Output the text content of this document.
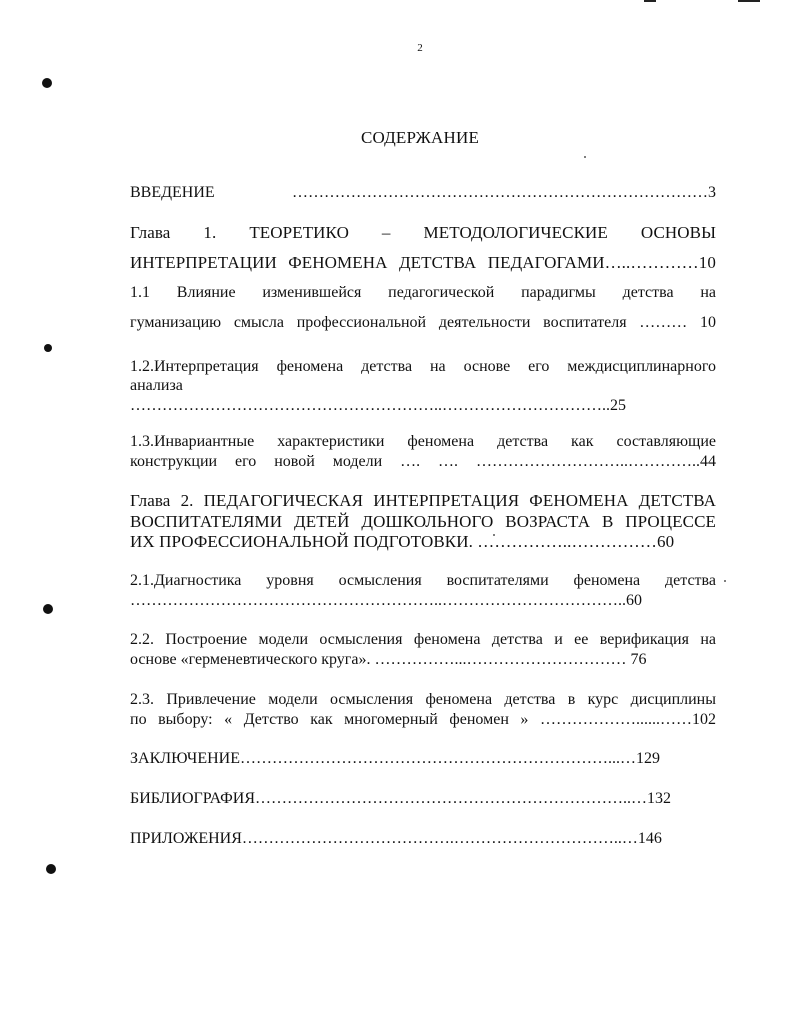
2
СОДЕРЖАНИЕ
ВВЕДЕНИЕ ……………………………………………………………………3
Глава 1. ТЕОРЕТИКО – МЕТОДОЛОГИЧЕСКИЕ ОСНОВЫ
ИНТЕРПРЕТАЦИИ ФЕНОМЕНА ДЕТСТВА ПЕДАГОГАМИ…..…………10
1.1 Влияние изменившейся педагогической парадигмы детства на
гуманизацию смысла профессиональной деятельности воспитателя ……… 10
1.2.Интерпретация феномена детства на основе его междисциплинарного
анализа
…………………………………………………..…………………………..25
1.3.Инвариантные характеристики феномена детства как составляющие
конструкции его новой модели …. …. ………………………..…………..44
Глава 2. ПЕДАГОГИЧЕСКАЯ ИНТЕРПРЕТАЦИЯ ФЕНОМЕНА ДЕТСТВА
ВОСПИТАТЕЛЯМИ ДЕТЕЙ ДОШКОЛЬНОГО ВОЗРАСТА В ПРОЦЕССЕ
ИХ ПРОФЕССИОНАЛЬНОЙ ПОДГОТОВКИ. ……………..……………60
2.1.Диагностика уровня осмысления воспитателями феномена детства
…………………………………………………..……………………………..60
2.2. Построение модели осмысления феномена детства и ее верификация на
основе «герменевтического круга». ……………...………………………… 76
2.3. Привлечение модели осмысления феномена детства в курс дисциплины
по выбору: « Детство как многомерный феномен » ………………......……102
ЗАКЛЮЧЕНИЕ……………………………………………………………...…129
БИБЛИОГРАФИЯ……………………………………………………………..…132
ПРИЛОЖЕНИЯ………………………………….…………………………..…146
